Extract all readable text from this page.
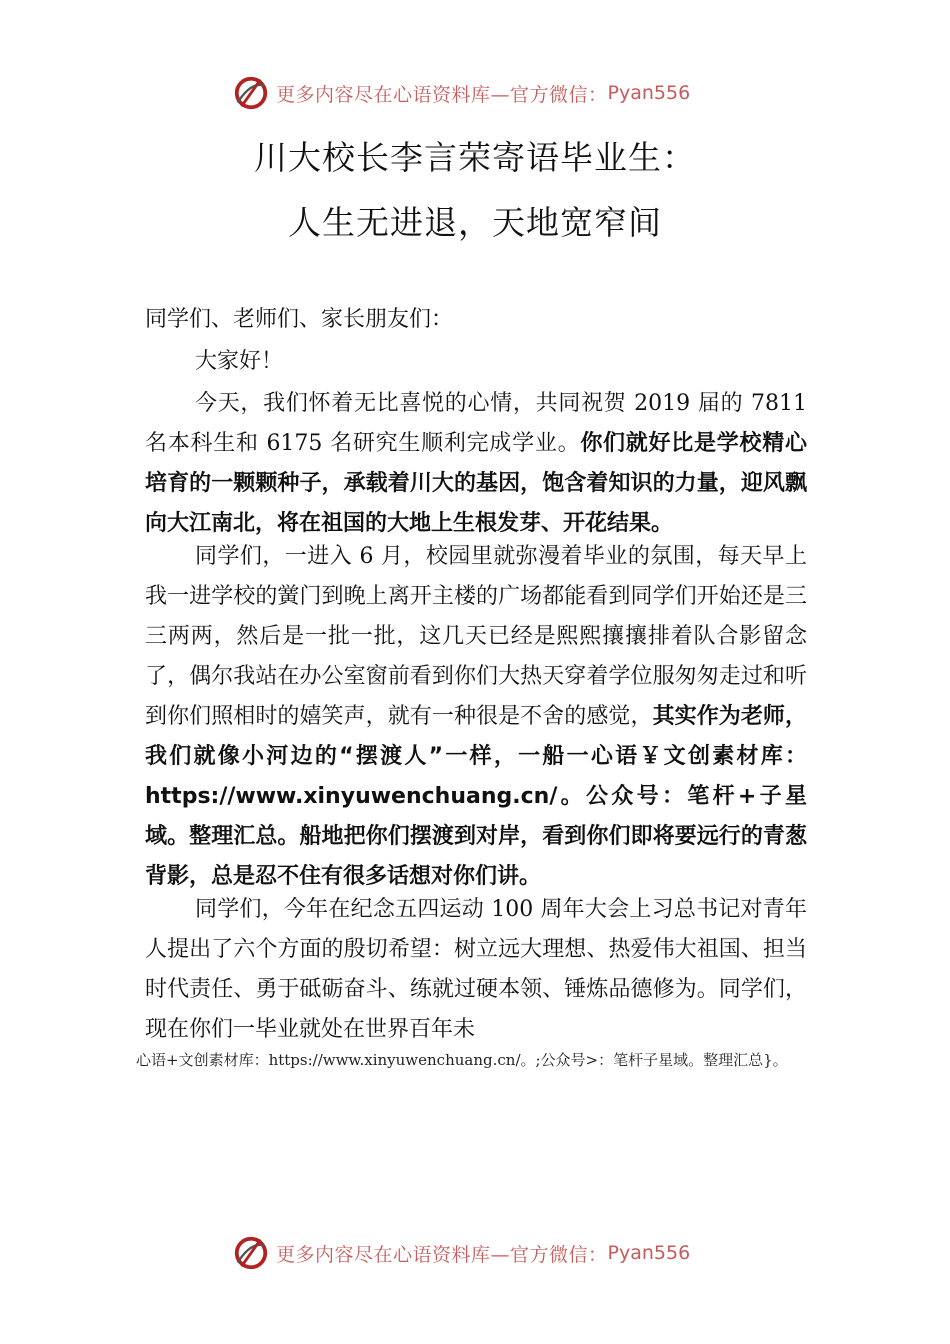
更多内容尽在心语资料库—官方微信： Pyan556
川大校长李言荣寄语毕业生：
人生无进退，天地宽窄间
同学们、老师们、家长朋友们：
大家好！
今天，我们怀着无比喜悦的心情，共同祝贺 2019 届的 7811 名本科生和 6175 名研究生顺利完成学业。你们就好比是学校精心培育的一颗颗种子，承载着川大的基因，饱含着知识的力量，迎风飘向大江南北，将在祖国的大地上生根发芽、开花结果。
同学们，一进入 6 月，校园里就弥漫着毕业的氛围，每天早上我一进学校的黉门到晚上离开主楼的广场都能看到同学们开始还是三三两两，然后是一批一批，这几天已经是熙熙攘攘排着队合影留念了，偶尔我站在办公室窗前看到你们大热天穿着学位服匆匆走过和听到你们照相时的嬉笑声，就有一种很是不舍的感觉，其实作为老师，我们就像小河边的“摆渡人”一样，一船一心语￥文创素材库：https://www.xinyuwenchuang.cn/。公众号：笔杆+子星域。整理汇总。船地把你们摆渡到对岸，看到你们即将要远行的青葱背影，总是忍不住有很多话想对你们讲。
同学们，今年在纪念五四运动 100 周年大会上习总书记对青年人提出了六个方面的殷切希望：树立远大理想、热爱伟大祖国、担当时代责任、勇于砥砺奋斗、练就过硬本领、锤炼品德修为。同学们，现在你们一毕业就处在世界百年未
心语+文创素材库：https://www.xinyuwenchuang.cn/。;公众号>：笔杆子星域。整理汇总}。
更多内容尽在心语资料库—官方微信： Pyan556
